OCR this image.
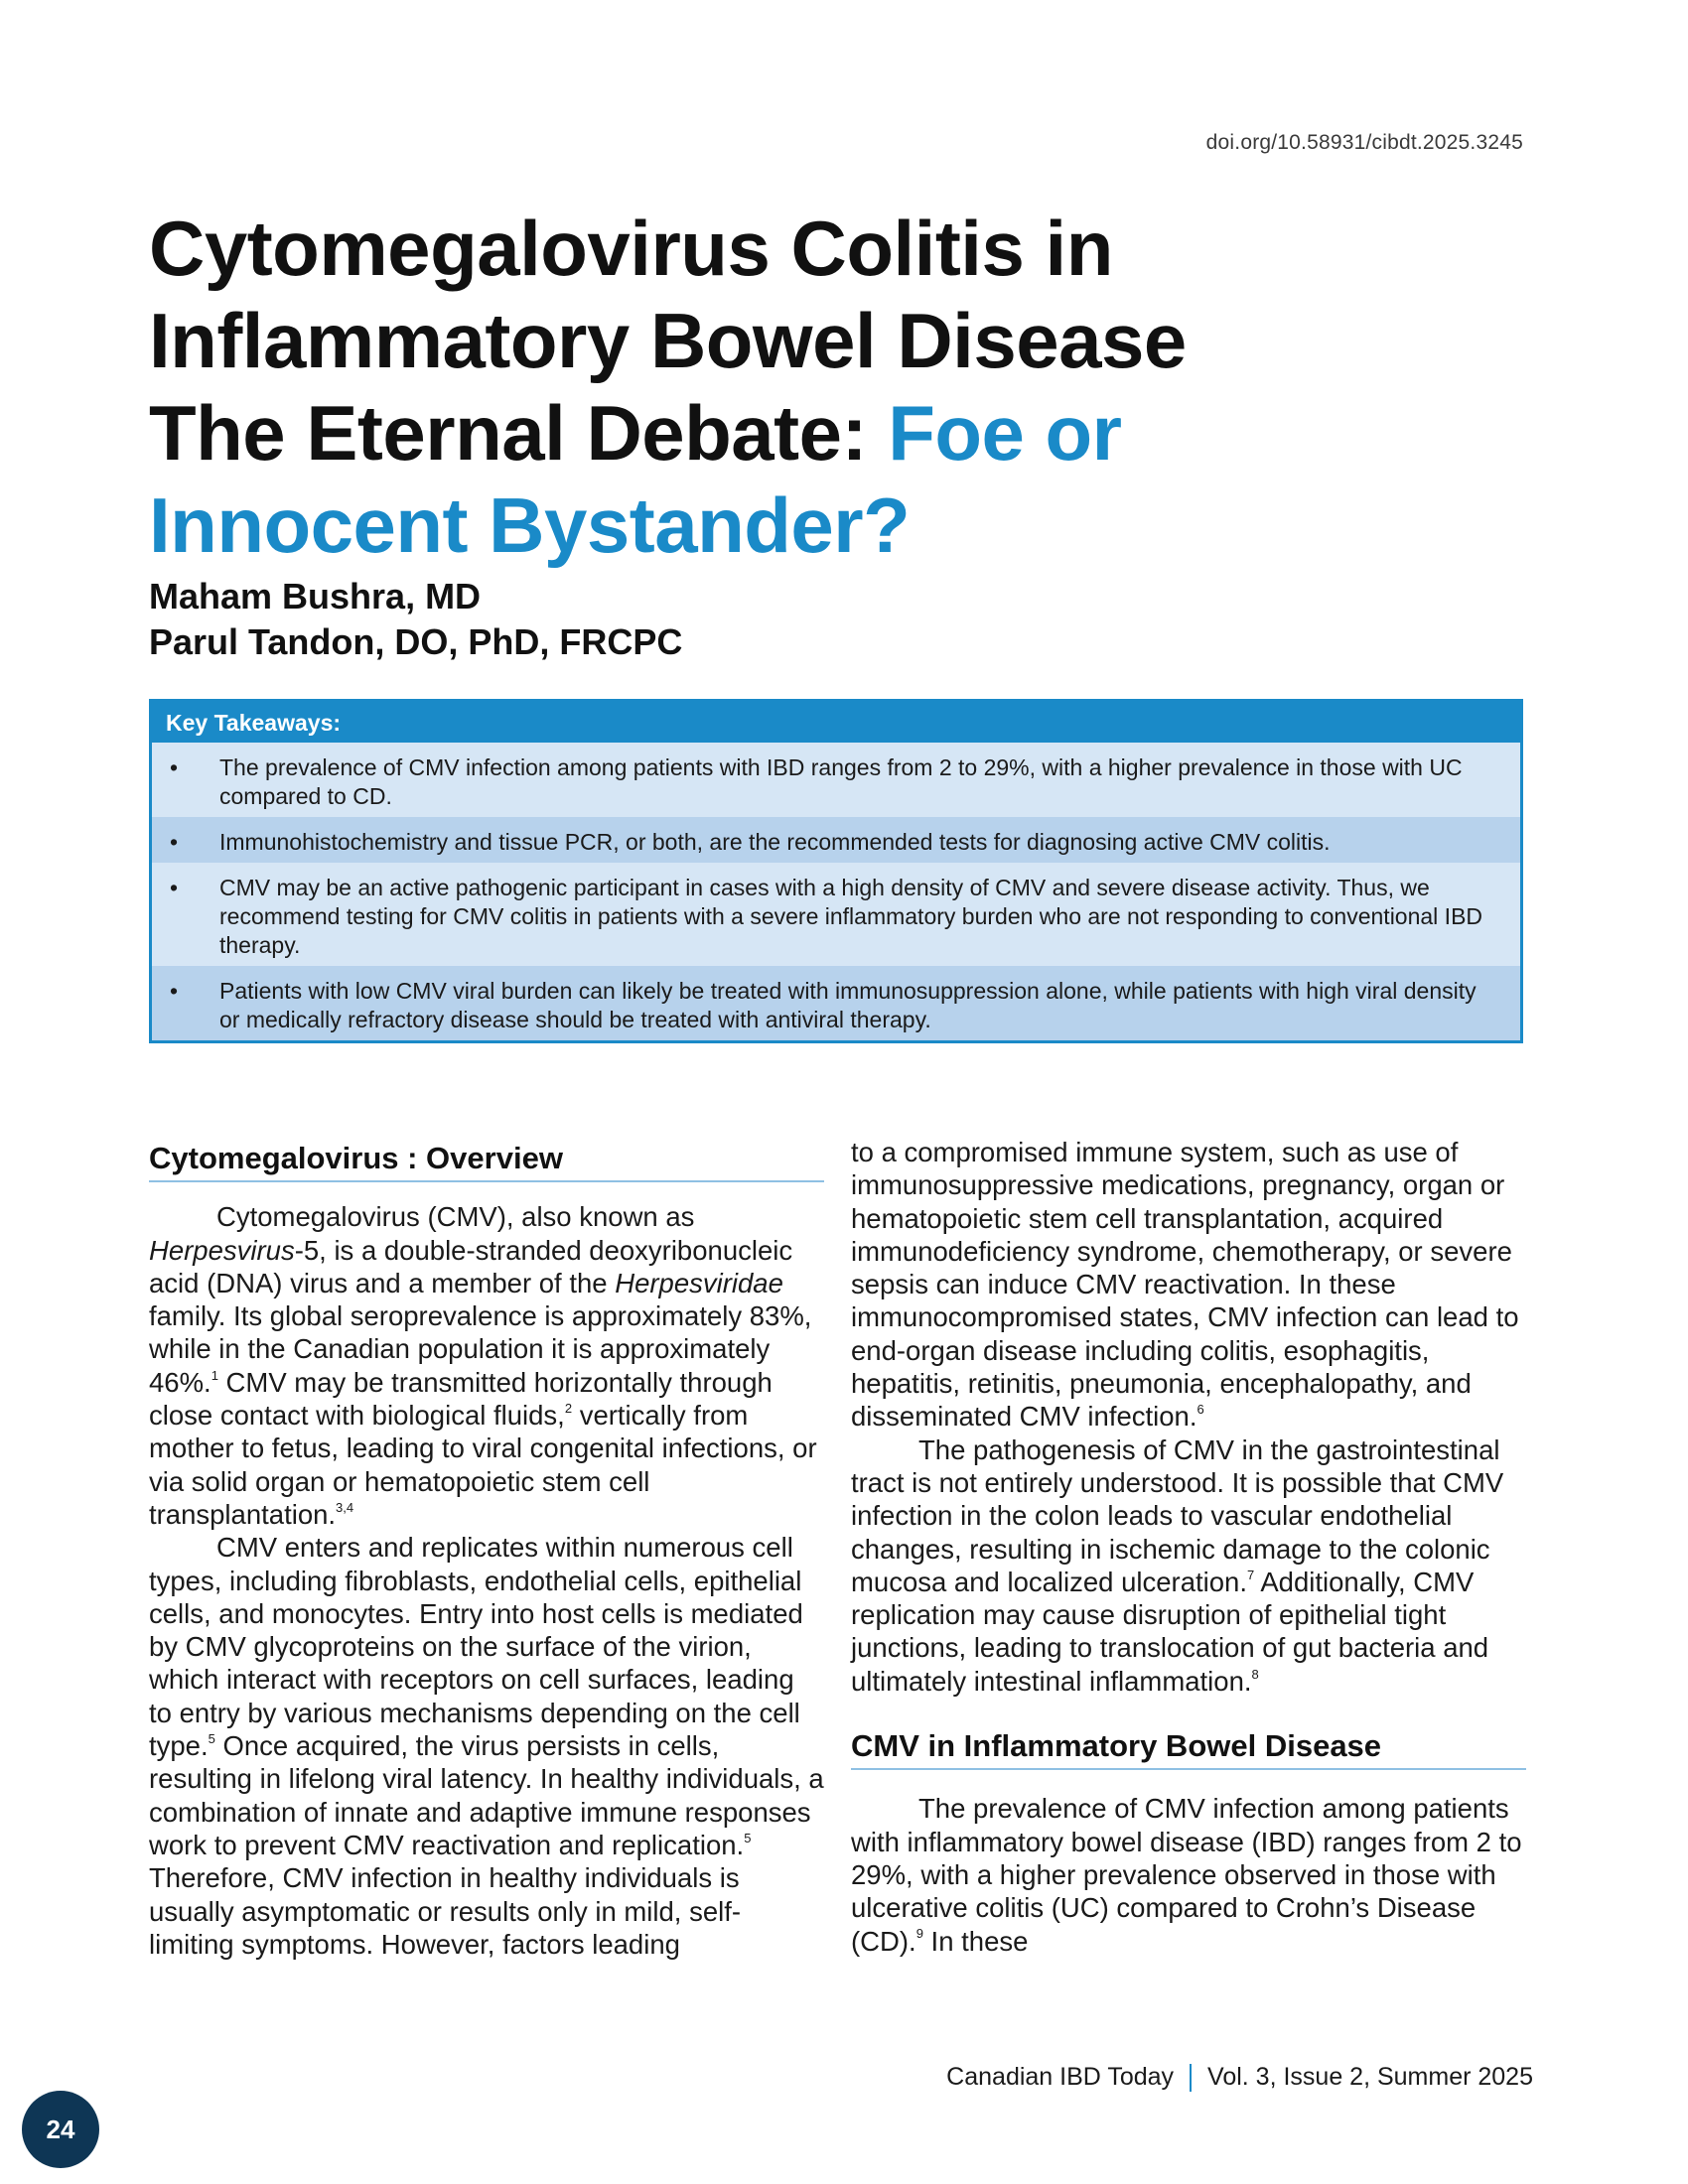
doi.org/10.58931/cibdt.2025.3245
Cytomegalovirus Colitis in
Inflammatory Bowel Disease
The Eternal Debate: Foe or
Innocent Bystander?
Maham Bushra, MD
Parul Tandon, DO, PhD, FRCPC
Key Takeaways:
•	The prevalence of CMV infection among patients with IBD ranges from 2 to 29%, with a higher prevalence in those with UC compared to CD.
•	Immunohistochemistry and tissue PCR, or both, are the recommended tests for diagnosing active CMV colitis.
•	CMV may be an active pathogenic participant in cases with a high density of CMV and severe disease activity. Thus, we recommend testing for CMV colitis in patients with a severe inflammatory burden who are not responding to conventional IBD therapy.
•	Patients with low CMV viral burden can likely be treated with immunosuppression alone, while patients with high viral density or medically refractory disease should be treated with antiviral therapy.
Cytomegalovirus : Overview

Cytomegalovirus (CMV), also known as Herpesvirus-5, is a double-stranded deoxyribonucleic acid (DNA) virus and a member of the Herpesviridae family. Its global seroprevalence is approximately 83%, while in the Canadian population it is approximately 46%.$^1$ CMV may be transmitted horizontally through close contact with biological fluids,$^2$ vertically from mother to fetus, leading to viral congenital infections, or via solid organ or hematopoietic stem cell transplantation.$^{3,4}$

CMV enters and replicates within numerous cell types, including fibroblasts, endothelial cells, epithelial cells, and monocytes. Entry into host cells is mediated by CMV glycoproteins on the surface of the virion, which interact with receptors on cell surfaces, leading to entry by various mechanisms depending on the cell type.$^5$ Once acquired, the virus persists in cells, resulting in lifelong viral latency. In healthy individuals, a combination of innate and adaptive immune responses work to prevent CMV reactivation and replication.$^5$ Therefore, CMV infection in healthy individuals is usually asymptomatic or results only in mild, self-limiting symptoms. However, factors leading

to a compromised immune system, such as use of immunosuppressive medications, pregnancy, organ or hematopoietic stem cell transplantation, acquired immunodeficiency syndrome, chemotherapy, or severe sepsis can induce CMV reactivation. In these immunocompromised states, CMV infection can lead to end-organ disease including colitis, esophagitis, hepatitis, retinitis, pneumonia, encephalopathy, and disseminated CMV infection.$^6$

The pathogenesis of CMV in the gastrointestinal tract is not entirely understood. It is possible that CMV infection in the colon leads to vascular endothelial changes, resulting in ischemic damage to the colonic mucosa and localized ulceration.$^7$ Additionally, CMV replication may cause disruption of epithelial tight junctions, leading to translocation of gut bacteria and ultimately intestinal inflammation.$^8$

CMV in Inflammatory Bowel Disease

The prevalence of CMV infection among patients with inflammatory bowel disease (IBD) ranges from 2 to 29%, with a higher prevalence observed in those with ulcerative colitis (UC) compared to Crohn’s Disease (CD).$^9$ In these

Canadian IBD Today Vol. 3, Issue 2, Summer 2025
24
